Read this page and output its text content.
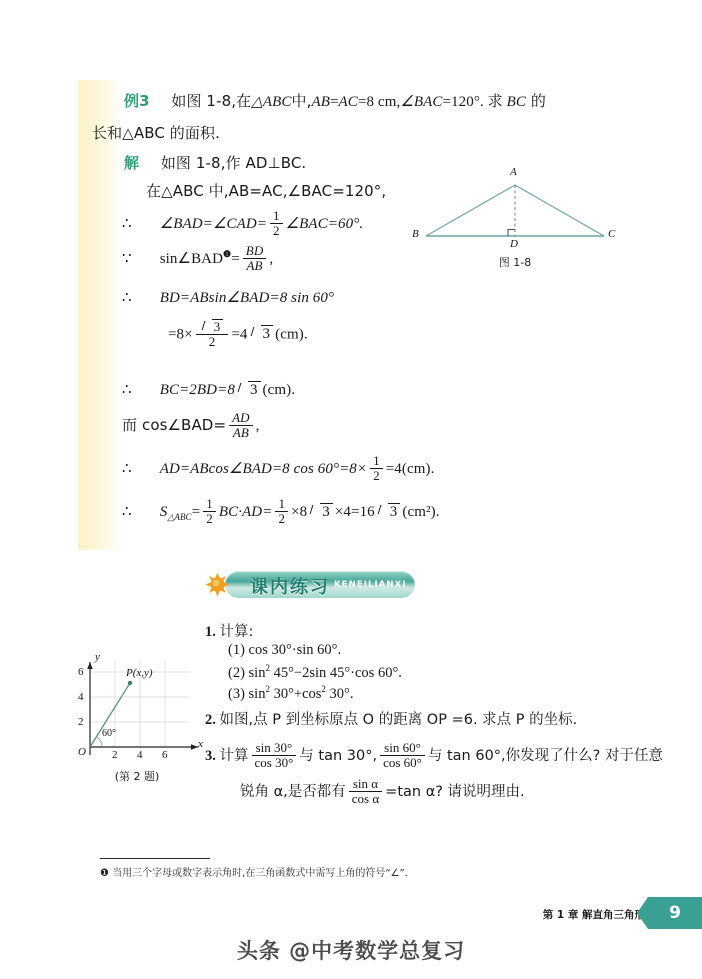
例3 如图 1-8,在△ABC中,AB=AC=8 cm,∠BAC=120°. 求 BC 的
长和△ABC 的面积.
解 如图 1-8,作 AD⊥BC.
在△ABC 中,AB=AC,∠BAC=120°,
∴ ∠BAD=∠CAD= $\frac{1}{2}$ ∠BAC=60°.
∵ $\sin\angle BAD^❶= \frac{BD}{AB}$ ,
∴ BD=ABsin∠BAD=8 sin 60°
$=8\times \frac{3}{2} =4$ 3 (cm).
∴ BC=2BD=8 3 (cm).
而 cos∠BAD= $\frac{AD}{AB}$ ,
∴ AD=ABcos∠BAD=8 $\cos 60^\circ=8\times \frac{1}{2} =4(cm)$.
∴ $S_{\triangle ABC}= \frac{1}{2} BC\cdot AD= \frac{1}{2} \times 8$ 3 ×4=16 3 (cm²).
A
B	C
D
图 1-8
课内练习 KENEILIANXI
y
x
O
6
4
2
2 4 6
P(x,y)
60°
(第 2 题)
1. 计算:
(1) cos 30°·sin 60°.
(2) $\sin^2 45^\circ-2\sin$ 45°·cos 60°.
(3) $\sin^2 30^\circ+\cos^2$ 30°.
2. 如图,点 P 到坐标原点 O 的距离 OP =6. 求点 P 的坐标.
3. 计算 $\frac{\sin 30^\circ}{\cos 30^\circ}$ 与 tan 30°, $\frac{\sin 60^\circ}{\cos 60^\circ}$ 与 tan 60°,你发现了什么? 对于任意
锐角 α,是否都有 $\frac{\text{sin α}}{\text{cos α}} =\tan$ α? 请说明理由.
❶ 当用三个字母或数字表示角时,在三角函数式中需写上角的符号“∠”.
第 1 章 解直角三角形	9
头条 @中考数学总复习
